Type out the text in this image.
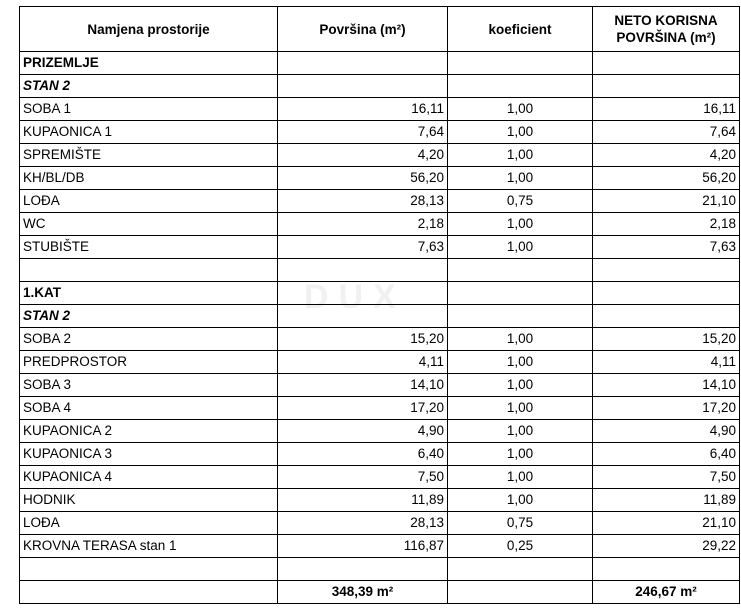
DUX
Namjena prostorije	Površina (m²)	koeficient	NETO KORISNA POVRŠINA (m²)
PRIZEMLJE			
STAN 2			
SOBA 1	16,11	1,00	16,11
KUPAONICA 1	7,64	1,00	7,64
SPREMIŠTE	4,20	1,00	4,20
KH/BL/DB	56,20	1,00	56,20
LOĐA	28,13	0,75	21,10
WC	2,18	1,00	2,18
STUBIŠTE	7,63	1,00	7,63

1.KAT			
STAN 2			
SOBA 2	15,20	1,00	15,20
PREDPROSTOR	4,11	1,00	4,11
SOBA 3	14,10	1,00	14,10
SOBA 4	17,20	1,00	17,20
KUPAONICA 2	4,90	1,00	4,90
KUPAONICA 3	6,40	1,00	6,40
KUPAONICA 4	7,50	1,00	7,50
HODNIK	11,89	1,00	11,89
LOĐA	28,13	0,75	21,10
KROVNA TERASA stan 1	116,87	0,25	29,22

	348,39 m²		246,67 m²
